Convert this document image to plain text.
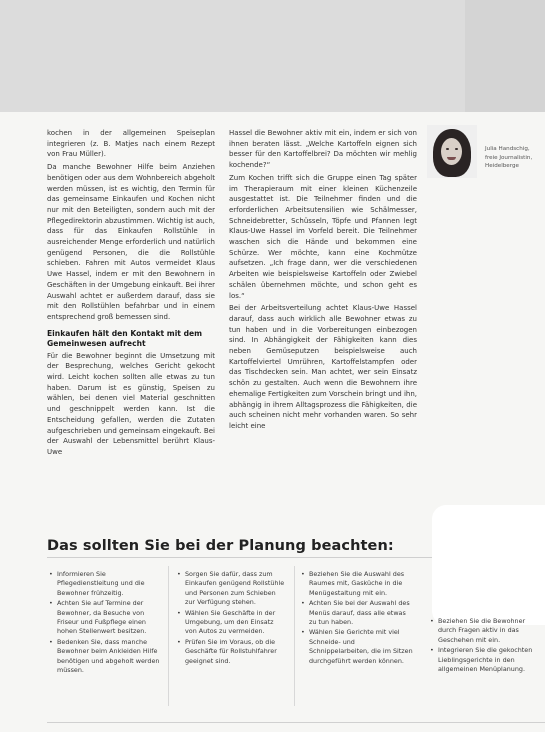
kochen in der allgemeinen Speiseplan integrieren (z. B. Matjes nach einem Rezept von Frau Müller).

Da manche Bewohner Hilfe beim Anziehen benötigen oder aus dem Wohnbereich abgeholt werden müssen, ist es wichtig, den Termin für das gemeinsame Einkaufen und Kochen nicht nur mit den Beteiligten, sondern auch mit der Pflegedirektorin abzustimmen. Wichtig ist auch, dass für das Einkaufen Rollstühle in ausreichender Menge erforderlich und natürlich genügend Personen, die die Rollstühle schieben. Fahren mit Autos vermeidet Klaus Uwe Hassel, indem er mit den Bewohnern in Geschäften in der Umgebung einkauft. Bei ihrer Auswahl achtet er außerdem darauf, dass sie mit den Rollstühlen befahrbar und in einem entsprechend groß bemessen sind.

Einkaufen hält den Kontakt mit dem Gemeinwesen aufrecht

Für die Bewohner beginnt die Umsetzung mit der Besprechung, welches Gericht gekocht wird. Leicht kochen sollten alle etwas zu tun haben. Darum ist es günstig, Speisen zu wählen, bei denen viel Material geschnitten und geschnippelt werden kann. Ist die Entscheidung gefallen, werden die Zutaten aufgeschrieben und gemeinsam eingekauft. Bei der Auswahl der Lebensmittel berührt Klaus-Uwe

Hassel die Bewohner aktiv mit ein, indem er sich von ihnen beraten lässt. „Welche Kartoffeln eignen sich besser für den Kartoffelbrei? Da möchten wir mehlig kochende?“

Zum Kochen trifft sich die Gruppe einen Tag später im Therapieraum mit einer kleinen Küchenzeile ausgestattet ist. Die Teilnehmer finden und die erforderlichen Arbeitsutensilien wie Schälmesser, Schneidebretter, Schüsseln, Töpfe und Pfannen legt Klaus-Uwe Hassel im Vorfeld bereit. Die Teilnehmer waschen sich die Hände und bekommen eine Schürze. Wer möchte, kann eine Kochmütze aufsetzen. „Ich frage dann, wer die verschiedenen Arbeiten wie beispielsweise Kartoffeln oder Zwiebel schälen übernehmen möchte, und schon geht es los.“

Bei der Arbeitsverteilung achtet Klaus-Uwe Hassel darauf, dass auch wirklich alle Bewohner etwas zu tun haben und in die Vorbereitungen einbezogen sind. In Abhängigkeit der Fähigkeiten kann dies neben Gemüseputzen beispielsweise auch Kartoffelviertel Umrühren, Kartoffelstampfen oder das Tischdecken sein. Man achtet, wer sein Einsatz schön zu gestalten. Auch wenn die Bewohnern ihre ehemalige Fertigkeiten zum Vorschein bringt und ihn, abhängig in ihrem Alltagsprozess die Fähigkeiten, die auch scheinen nicht mehr vorhanden waren. So sehr leicht eine

Julia Handschig,
freie Journalistin,
Heidelberge
Das sollten Sie bei der Planung beachten:
• Informieren Sie Pflegedienstleitung und die Bewohner frühzeitig.
• Achten Sie auf Termine der Bewohner, da Besuche von Friseur und Fußpflege einen hohen Stellenwert besitzen.
• Bedenken Sie, dass manche Bewohner beim Ankleiden Hilfe benötigen und abgeholt werden müssen.
• Sorgen Sie dafür, dass zum Einkaufen genügend Rollstühle und Personen zum Schieben zur Verfügung stehen.
• Wählen Sie Geschäfte in der Umgebung, um den Einsatz von Autos zu vermeiden.
• Prüfen Sie im Voraus, ob die Geschäfte für Rollstuhlfahrer geeignet sind.
• Beziehen Sie die Auswahl des Raumes mit, Gasküche in die Menügestaltung mit ein.
• Achten Sie bei der Auswahl des Menüs darauf, dass alle etwas zu tun haben.
• Wählen Sie Gerichte mit viel Schneide- und Schnippelarbeiten, die im Sitzen durchgeführt werden können.
• Beziehen Sie die Bewohner durch Fragen aktiv in das Geschehen mit ein.
• Integrieren Sie die gekochten Lieblingsgerichte in den allgemeinen Menüplanung.
